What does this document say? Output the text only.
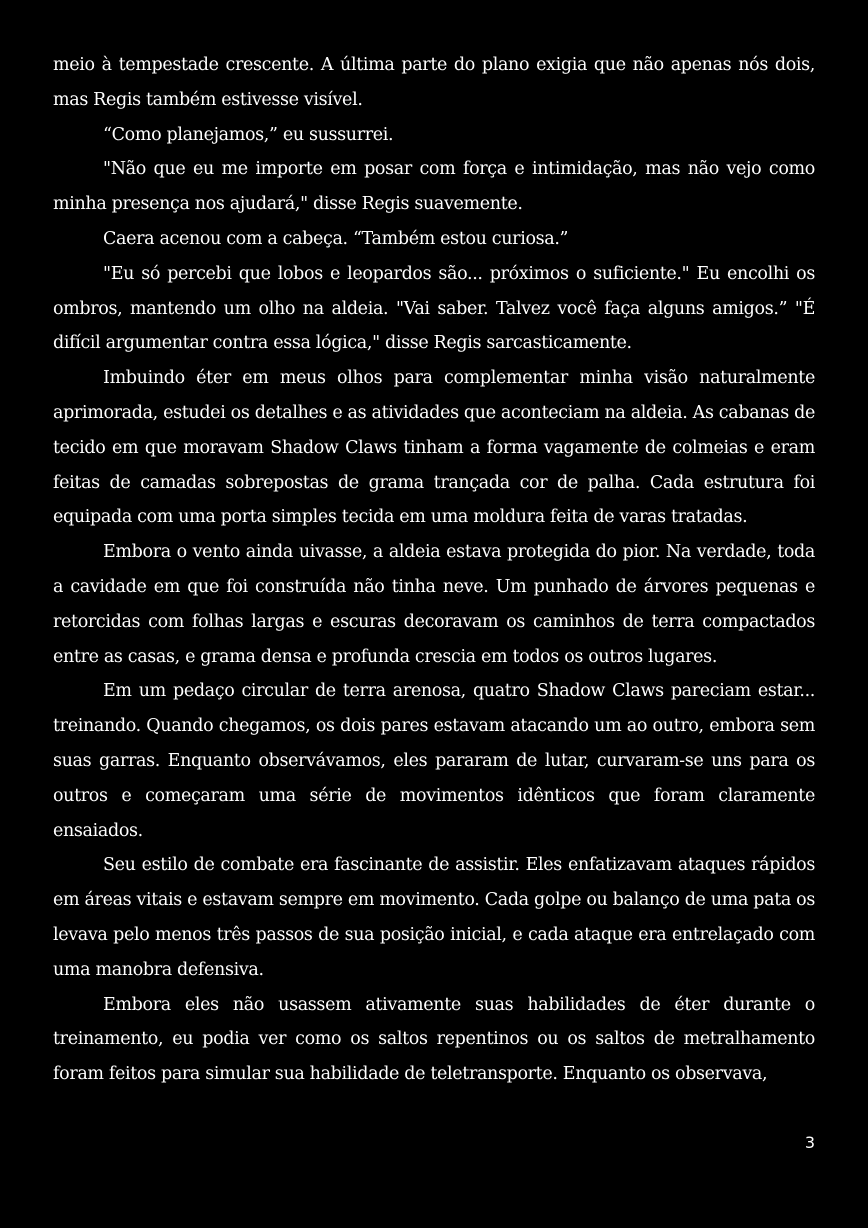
meio à tempestade crescente. A última parte do plano exigia que não apenas nós dois, mas Regis também estivesse visível.

“Como planejamos,” eu sussurrei.

"Não que eu me importe em posar com força e intimidação, mas não vejo como minha presença nos ajudará," disse Regis suavemente.

Caera acenou com a cabeça. “Também estou curiosa.”

"Eu só percebi que lobos e leopardos são... próximos o suficiente." Eu encolhi os ombros, mantendo um olho na aldeia. "Vai saber. Talvez você faça alguns amigos.” "É difícil argumentar contra essa lógica," disse Regis sarcasticamente.

Imbuindo éter em meus olhos para complementar minha visão naturalmente aprimorada, estudei os detalhes e as atividades que aconteciam na aldeia. As cabanas de tecido em que moravam Shadow Claws tinham a forma vagamente de colmeias e eram feitas de camadas sobrepostas de grama trançada cor de palha. Cada estrutura foi equipada com uma porta simples tecida em uma moldura feita de varas tratadas.

Embora o vento ainda uivasse, a aldeia estava protegida do pior. Na verdade, toda a cavidade em que foi construída não tinha neve. Um punhado de árvores pequenas e retorcidas com folhas largas e escuras decoravam os caminhos de terra compactados entre as casas, e grama densa e profunda crescia em todos os outros lugares.

Em um pedaço circular de terra arenosa, quatro Shadow Claws pareciam estar... treinando. Quando chegamos, os dois pares estavam atacando um ao outro, embora sem suas garras. Enquanto observávamos, eles pararam de lutar, curvaram-se uns para os outros e começaram uma série de movimentos idênticos que foram claramente ensaiados.

Seu estilo de combate era fascinante de assistir. Eles enfatizavam ataques rápidos em áreas vitais e estavam sempre em movimento. Cada golpe ou balanço de uma pata os levava pelo menos três passos de sua posição inicial, e cada ataque era entrelaçado com uma manobra defensiva.

Embora eles não usassem ativamente suas habilidades de éter durante o treinamento, eu podia ver como os saltos repentinos ou os saltos de metralhamento foram feitos para simular sua habilidade de teletransporte. Enquanto os observava,

3
